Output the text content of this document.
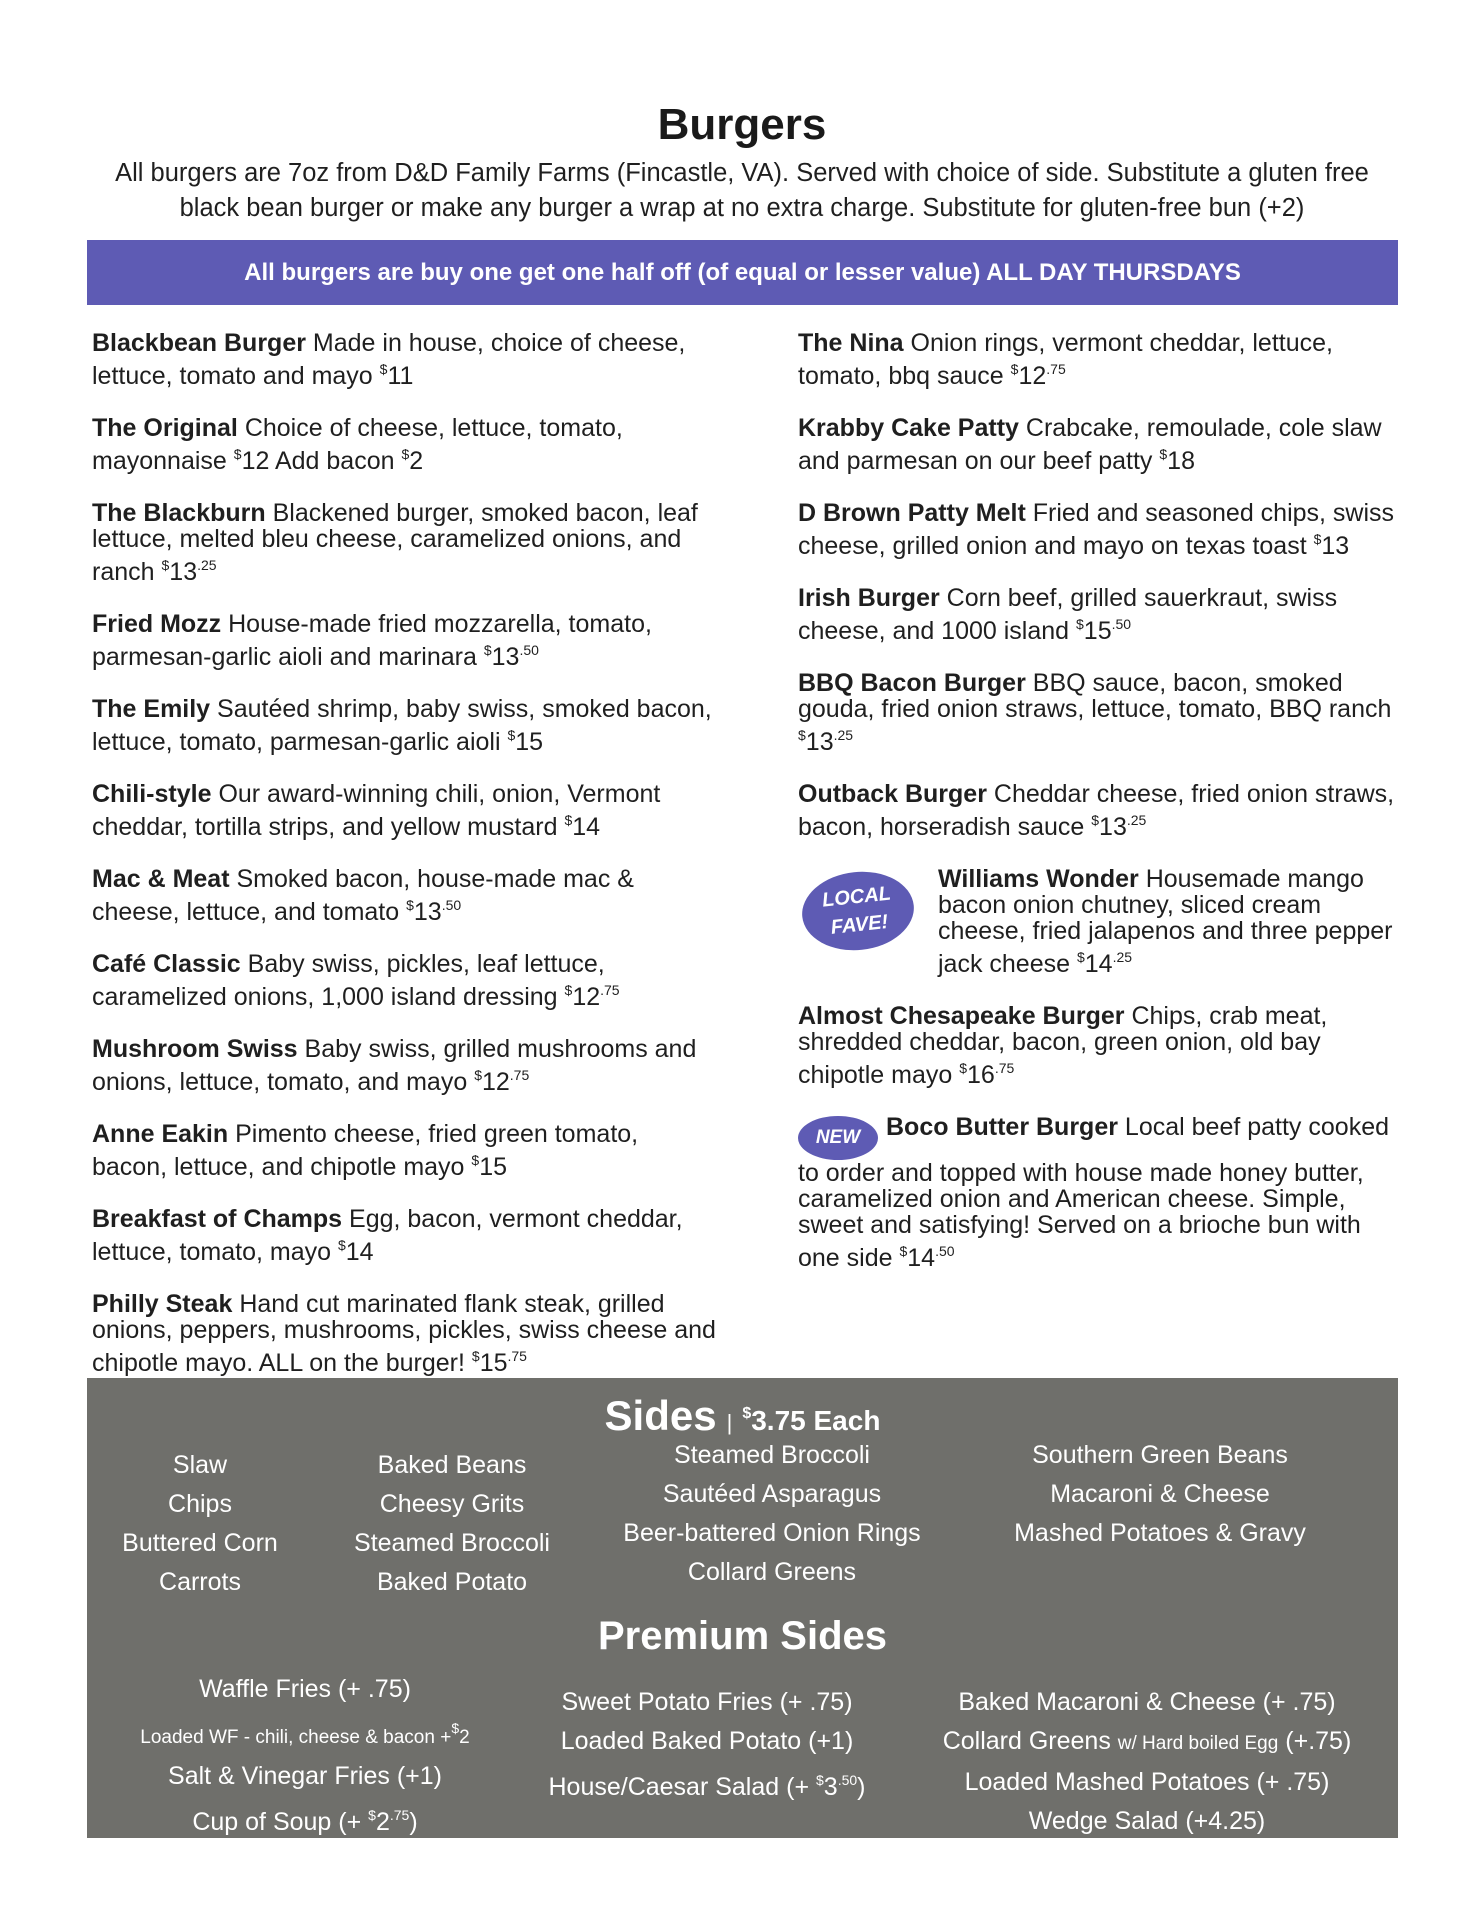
Burgers
All burgers are 7oz from D&D Family Farms (Fincastle, VA). Served with choice of side. Substitute a gluten free black bean burger or make any burger a wrap at no extra charge. Substitute for gluten-free bun (+2)
All burgers are buy one get one half off (of equal or lesser value) ALL DAY THURSDAYS
Blackbean Burger Made in house, choice of cheese, lettuce, tomato and mayo $11
The Original Choice of cheese, lettuce, tomato, mayonnaise $12 Add bacon $2
The Blackburn Blackened burger, smoked bacon, leaf lettuce, melted bleu cheese, caramelized onions, and ranch $^{\$}13^{.25}$
Fried Mozz House-made fried mozzarella, tomato, parmesan-garlic aioli and marinara $^{\$}13^{.50}$
The Emily Sautéed shrimp, baby swiss, smoked bacon, lettuce, tomato, parmesan-garlic aioli $15
Chili-style Our award-winning chili, onion, Vermont cheddar, tortilla strips, and yellow mustard $14
Mac & Meat Smoked bacon, house-made mac & cheese, lettuce, and tomato $^{\$}13^{.50}$
Café Classic Baby swiss, pickles, leaf lettuce, caramelized onions, 1,000 island dressing $^{\$}12^{.75}$
Mushroom Swiss Baby swiss, grilled mushrooms and onions, lettuce, tomato, and mayo $^{\$}12^{.75}$
Anne Eakin Pimento cheese, fried green tomato, bacon, lettuce, and chipotle mayo $15
Breakfast of Champs Egg, bacon, vermont cheddar, lettuce, tomato, mayo $14
Philly Steak Hand cut marinated flank steak, grilled onions, peppers, mushrooms, pickles, swiss cheese and chipotle mayo. ALL on the burger! $^{\$}15^{.75}$
The Nina Onion rings, vermont cheddar, lettuce, tomato, bbq sauce $^{\$}12^{.75}$
Krabby Cake Patty Crabcake, remoulade, cole slaw and parmesan on our beef patty $18
D Brown Patty Melt Fried and seasoned chips, swiss cheese, grilled onion and mayo on texas toast $13
Irish Burger Corn beef, grilled sauerkraut, swiss cheese, and 1000 island $^{\$}15^{.50}$
BBQ Bacon Burger BBQ sauce, bacon, smoked gouda, fried onion straws, lettuce, tomato, BBQ ranch $^{\$}13^{.25}$
Outback Burger Cheddar cheese, fried onion straws, bacon, horseradish sauce $^{\$}13^{.25}$
LOCAL
FAVE!
Williams Wonder Housemade mango bacon onion chutney, sliced cream cheese, fried jalapenos and three pepper jack cheese $^{\$}14^{.25}$
Almost Chesapeake Burger Chips, crab meat, shredded cheddar, bacon, green onion, old bay chipotle mayo $^{\$}16^{.75}$
NEW Boco Butter Burger Local beef patty cooked to order and topped with house made honey butter, caramelized onion and American cheese. Simple, sweet and satisfying! Served on a brioche bun with one side $^{\$}14^{.50}$
Sides | $3.75 Each
Slaw
Chips
Buttered Corn
Carrots
Baked Beans
Cheesy Grits
Steamed Broccoli
Baked Potato
Steamed Broccoli
Sautéed Asparagus
Beer-battered Onion Rings
Collard Greens
Southern Green Beans
Macaroni & Cheese
Mashed Potatoes & Gravy
Premium Sides
Waffle Fries (+ .75)
Loaded WF - chili, cheese & bacon +$2
Salt & Vinegar Fries (+1)
Cup of Soup (+ $^{\$}2^{.75}$)
Sweet Potato Fries (+ .75)
Loaded Baked Potato (+1)
House/Caesar Salad (+ $^{\$}3^{.50}$)
Baked Macaroni & Cheese (+ .75)
Collard Greens w/ Hard boiled Egg (+.75)
Loaded Mashed Potatoes (+ .75)
Wedge Salad (+4.25)
